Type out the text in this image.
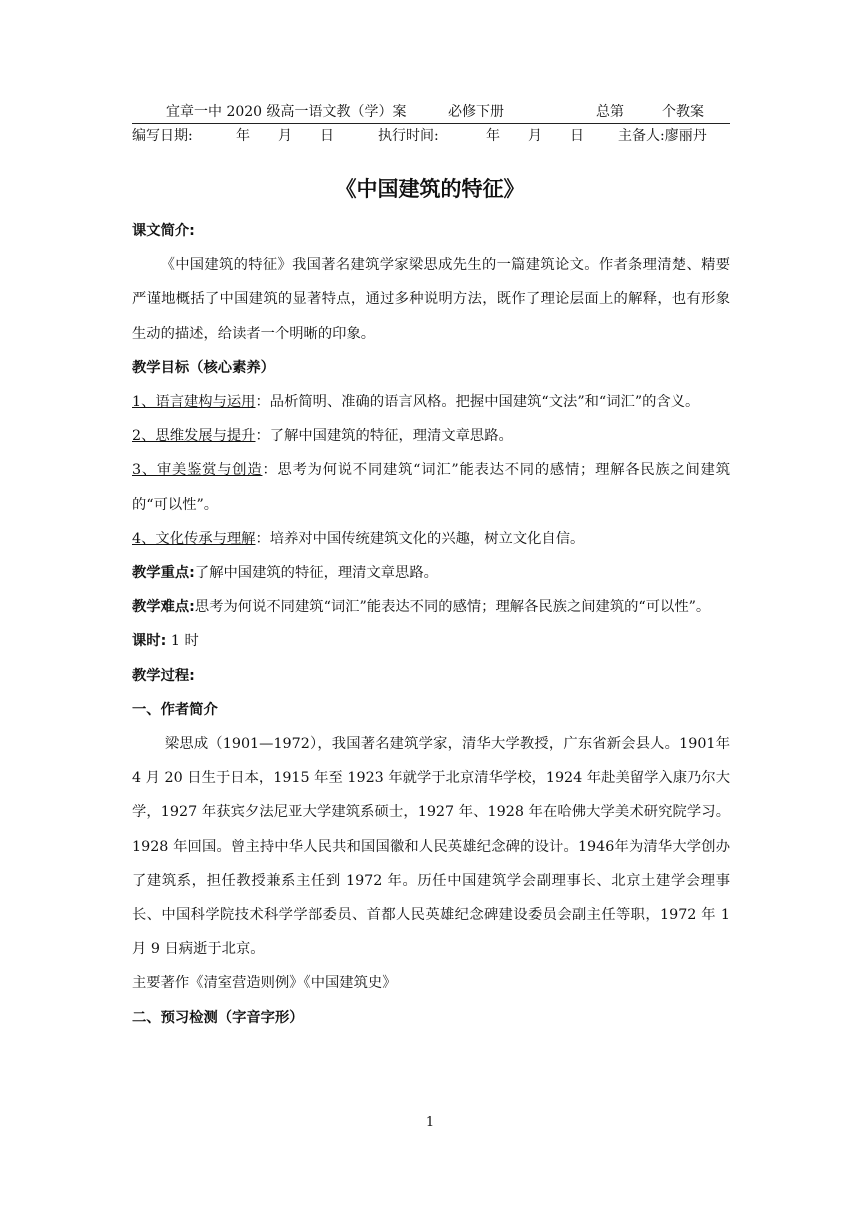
宜章一中 2020 级高一语文教（学）案	必修下册	总第	个教案
编写日期:	年 月 日	执行时间:	年 月 日 主备人:廖丽丹
《中国建筑的特征》

课文简介:

《中国建筑的特征》我国著名建筑学家梁思成先生的一篇建筑论文。作者条理清楚、精要严谨地概括了中国建筑的显著特点，通过多种说明方法，既作了理论层面上的解释，也有形象生动的描述，给读者一个明晰的印象。

教学目标（核心素养）

1、语言建构与运用：品析简明、准确的语言风格。把握中国建筑“文法”和“词汇”的含义。

2、思维发展与提升：了解中国建筑的特征，理清文章思路。

3、审美鉴赏与创造：思考为何说不同建筑“词汇”能表达不同的感情；理解各民族之间建筑的“可以性”。

4、文化传承与理解：培养对中国传统建筑文化的兴趣，树立文化自信。

教学重点:了解中国建筑的特征，理清文章思路。

教学难点:思考为何说不同建筑“词汇”能表达不同的感情；理解各民族之间建筑的“可以性”。

课时: 1 时

教学过程:

一、作者简介

梁思成（1901—1972），我国著名建筑学家，清华大学教授，广东省新会县人。1901年 4 月 20 日生于日本，1915 年至 1923 年就学于北京清华学校，1924 年赴美留学入康乃尔大学，1927 年获宾夕法尼亚大学建筑系硕士，1927 年、1928 年在哈佛大学美术研究院学习。1928 年回国。曾主持中华人民共和国国徽和人民英雄纪念碑的设计。1946年为清华大学创办了建筑系，担任教授兼系主任到 1972 年。历任中国建筑学会副理事长、北京土建学会理事长、中国科学院技术科学学部委员、首都人民英雄纪念碑建设委员会副主任等职，1972 年 1 月 9 日病逝于北京。

主要著作《清室营造则例》《中国建筑史》

二、预习检测（字音字形）

1
